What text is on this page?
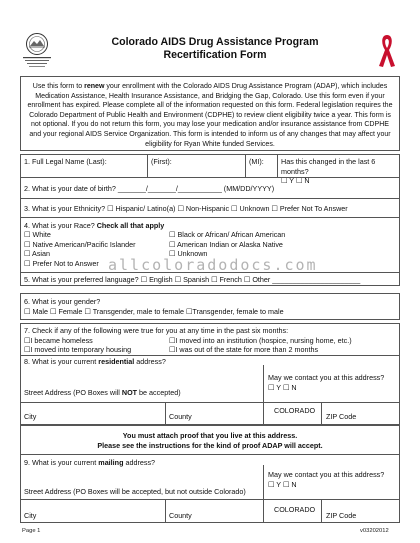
Colorado AIDS Drug Assistance Program
Recertification Form
Use this form to renew your enrollment with the Colorado AIDS Drug Assistance Program (ADAP), which includes Medication Assistance, Health Insurance Assistance, and Bridging the Gap, Colorado. Use this form even if your enrollment has expired. Please complete all of the information requested on this form. Federal legislation requires the Colorado Department of Public Health and Environment (CDPHE) to review client eligibility twice a year. This form is not optional. If you do not return this form, you may lose your medication and/or insurance assistance from CDPHE and your regional AIDS Service Organization. This form is intended to inform us of any changes that may affect your eligibility for Ryan White funded Services.
1. Full Legal Name (Last):	(First):	(MI):	Has this changed in the last 6 months?
☐ Y ☐ N
2. What is your date of birth? _______/_______/___________ (MM/DD/YYYY)
3. What is your Ethnicity? ☐ Hispanic/ Latino(a) ☐ Non-Hispanic ☐ Unknown ☐ Prefer Not To Answer
4. What is your Race? Check all that apply
☐ White	☐ Black or African/ African American
☐ Native American/Pacific Islander	☐ American Indian or Alaska Native
☐ Asian	☐ Unknown
☐ Prefer Not to Answer
5. What is your preferred language? ☐ English ☐ Spanish ☐ French ☐ Other ______________________
6. What is your gender?
☐ Male ☐ Female ☐ Transgender, male to female ☐Transgender, female to male
7. Check if any of the following were true for you at any time in the past six months:
☐I became homeless	☐I moved into an institution (hospice, nursing home, etc.)
☐I moved into temporary housing	☐I was out of the state for more than 2 months
8. What is your current residential address?
Street Address (PO Boxes will NOT be accepted)
May we contact you at this address?
☐ Y ☐ N
City	County
COLORADO
ZIP Code
You must attach proof that you live at this address.
Please see the instructions for the kind of proof ADAP will accept.
9. What is your current mailing address?
Street Address (PO Boxes will be accepted, but not outside Colorado)
May we contact you at this address?
☐ Y ☐ N
City	County
COLORADO
ZIP Code
allcoloradodocs.com
Page 1	v03202012
